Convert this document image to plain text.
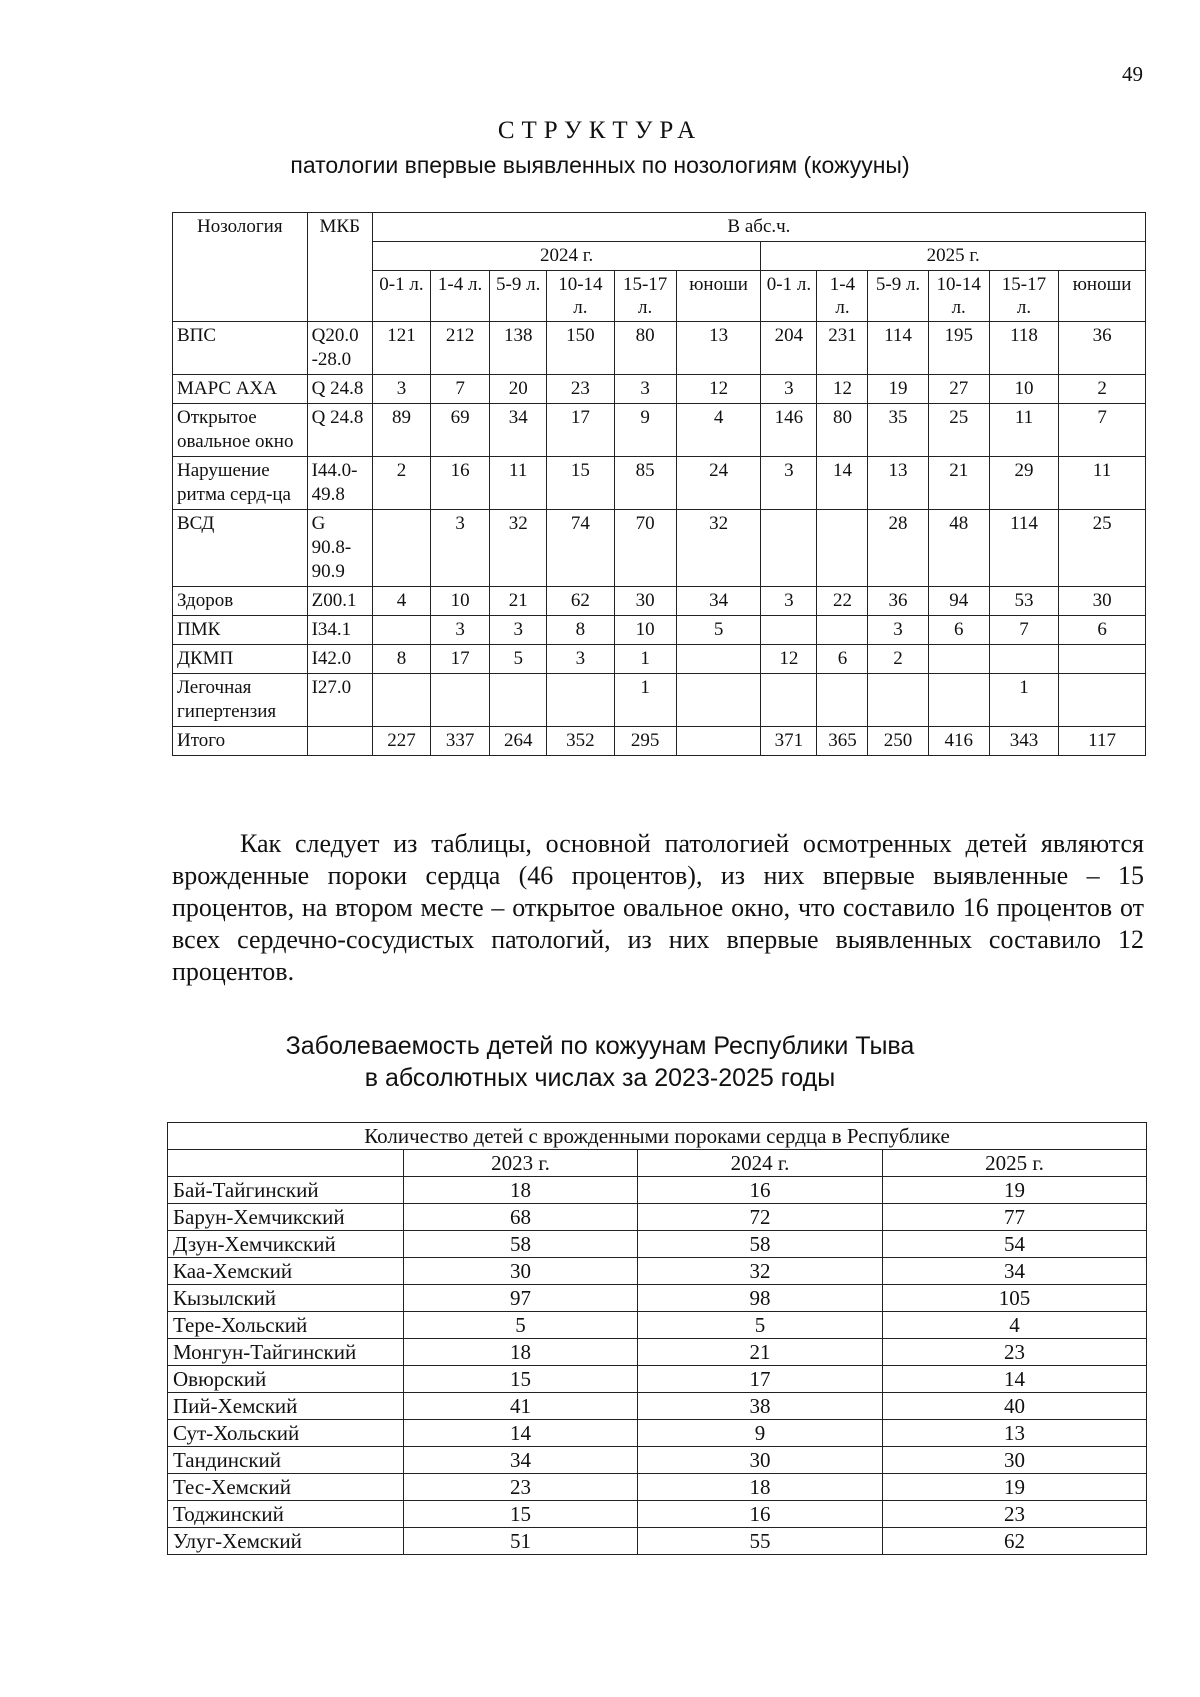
49
СТРУКТУРА
патологии впервые выявленных по нозологиям (кожууны)
Нозология	МКБ	В абс.ч.											
		2024 г.						2025 г.					
		0-1 л.	1-4 л.	5-9 л.	10-14 л.	15-17 л.	юноши	0-1 л.	1-4 л.	5-9 л.	10-14 л.	15-17 л.	юноши
ВПС	Q20.0 -28.0	121	212	138	150	80	13	204	231	114	195	118	36
МАРС АХА	Q 24.8	3	7	20	23	3	12	3	12	19	27	10	2
Открытое овальное окно	Q 24.8	89	69	34	17	9	4	146	80	35	25	11	7
Нарушение ритма серд-ца	I44.0-49.8	2	16	11	15	85	24	3	14	13	21	29	11
ВСД	G 90.8-90.9		3	32	74	70	32			28	48	114	25
Здоров	Z00.1	4	10	21	62	30	34	3	22	36	94	53	30
ПМК	I34.1		3	3	8	10	5			3	6	7	6
ДКМП	I42.0	8	17	5	3	1		12	6	2			
Легочная гипертензия	I27.0					1						1	
Итого		227	337	264	352	295		371	365	250	416	343	117

Как следует из таблицы, основной патологией осмотренных детей являются врожденные пороки сердца (46 процентов), из них впервые выявленные – 15 процентов, на втором месте – открытое овальное окно, что составило 16 процентов от всех сердечно-сосудистых патологий, из них впервые выявленных составило 12 процентов.

Заболеваемость детей по кожуунам Республики Тыва
в абсолютных числах за 2023-2025 годы
Количество детей с врожденными пороками сердца в Республике			
	2023 г.	2024 г.	2025 г.
Бай-Тайгинский	18	16	19
Барун-Хемчикский	68	72	77
Дзун-Хемчикский	58	58	54
Каа-Хемский	30	32	34
Кызылский	97	98	105
Тере-Хольский	5	5	4
Монгун-Тайгинский	18	21	23
Овюрский	15	17	14
Пий-Хемский	41	38	40
Сут-Хольский	14	9	13
Тандинский	34	30	30
Тес-Хемский	23	18	19
Тоджинский	15	16	23
Улуг-Хемский	51	55	62
